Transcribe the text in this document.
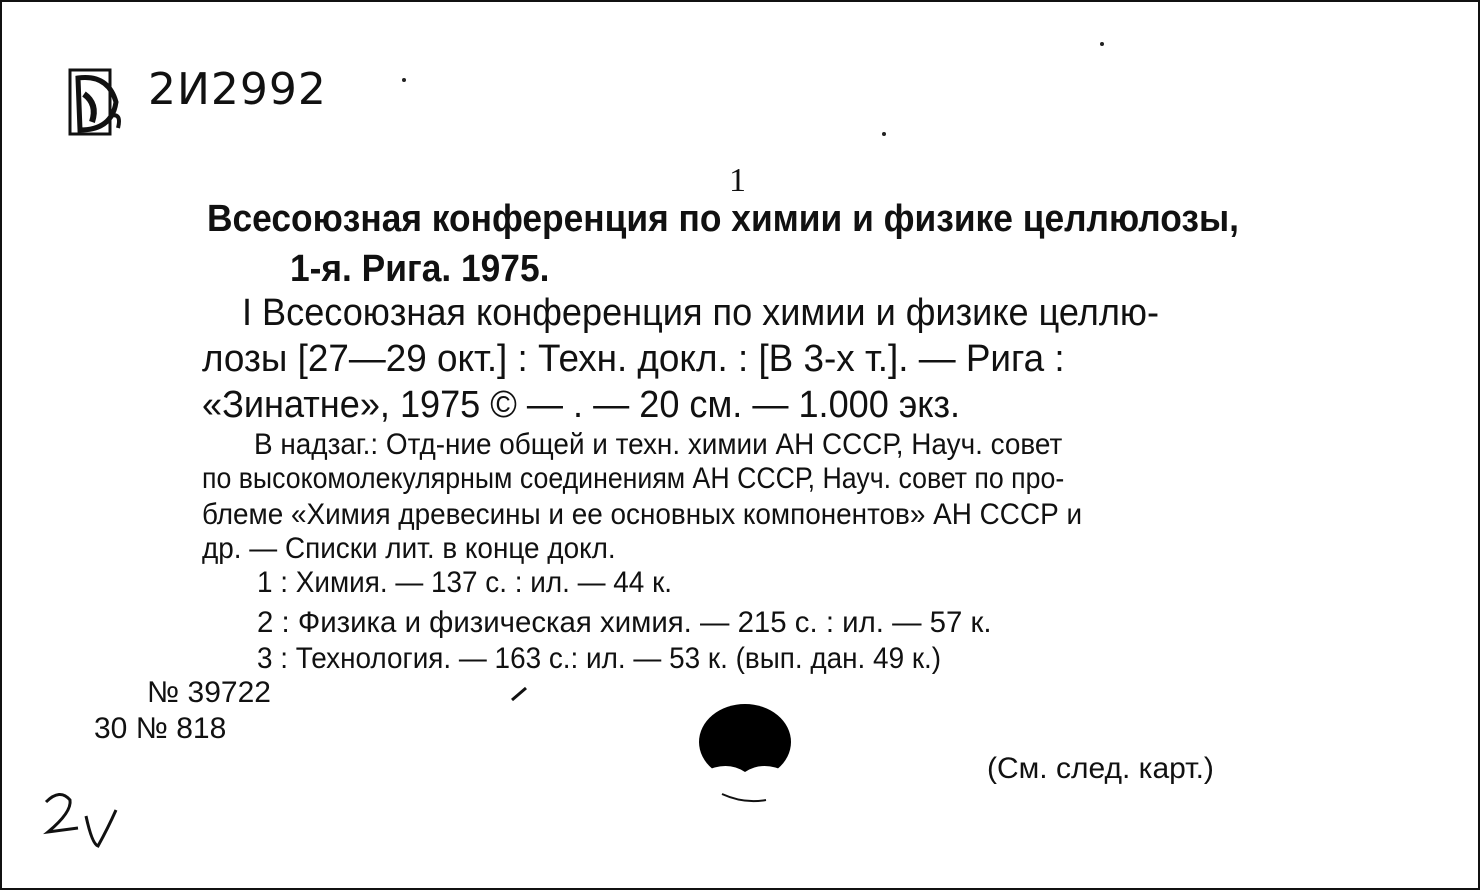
2И2992
1
Всесоюзная конференция по химии и физике целлюлозы,
1-я. Рига. 1975.
I Всесоюзная конференция по химии и физике целлю-
лозы [27—29 окт.] : Техн. докл. : [В 3-х т.]. — Рига :
«Зинатне», 1975 © — . — 20 см. — 1.000 экз.
В надзаг.: Отд-ние общей и техн. химии АН СССР, Науч. совет
по высокомолекулярным соединениям АН СССР, Науч. совет по про-
блеме «Химия древесины и ее основных компонентов» АН СССР и
др. — Списки лит. в конце докл.
1 : Химия. — 137 с. : ил. — 44 к.
2 : Физика и физическая химия. — 215 с. : ил. — 57 к.
3 : Технология. — 163 с.: ил. — 53 к. (вып. дан. 49 к.)
№ 39722
30 № 818
(См. след. карт.)
